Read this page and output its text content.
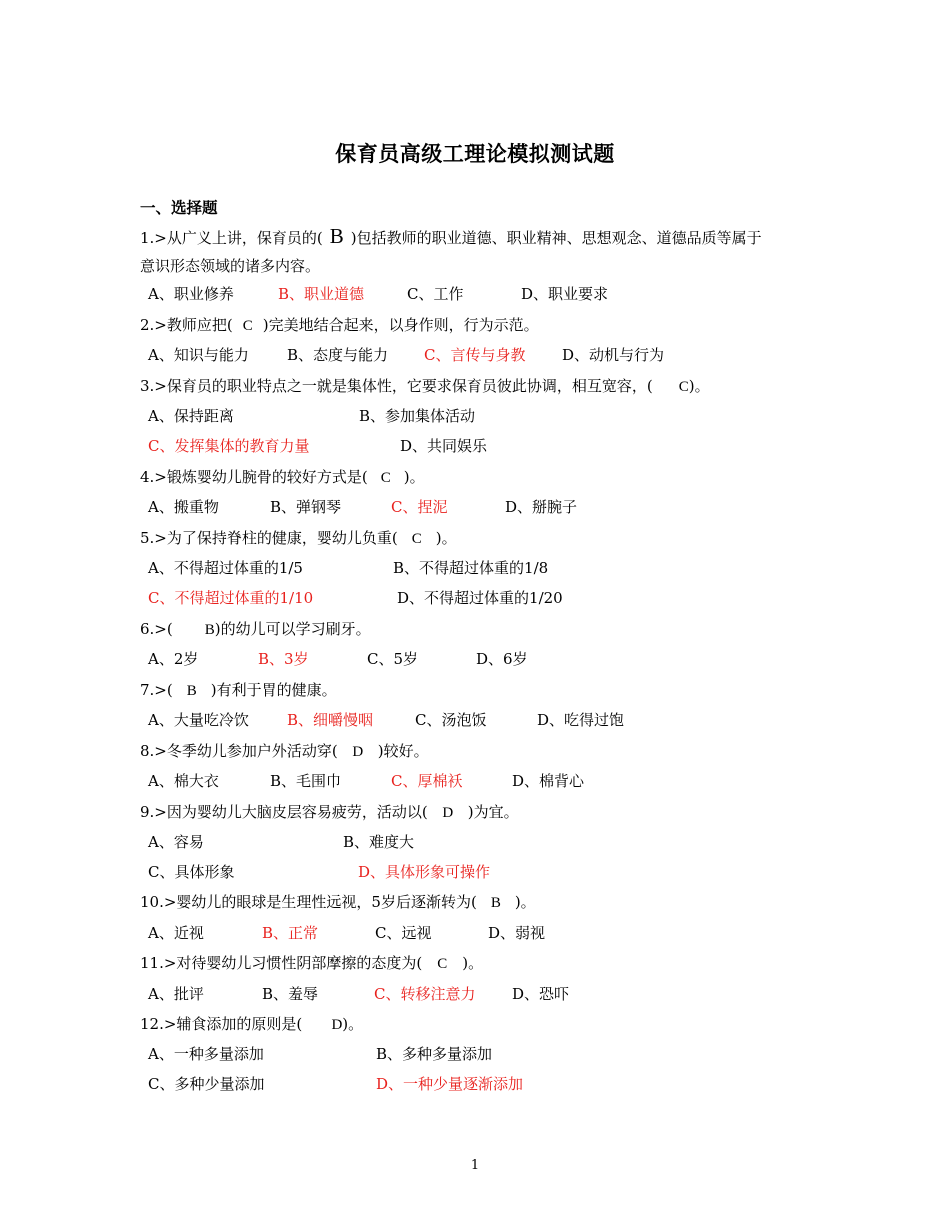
保育员高级工理论模拟测试题
一、选择题
1.>从广义上讲，保育员的( B )包括教师的职业道德、职业精神、思想观念、道德品质等属于
意识形态领域的诸多内容。
A、职业修养	B、职业道德	C、工作	D、职业要求
2.>教师应把( C )完美地结合起来，以身作则，行为示范。
A、知识与能力	B、态度与能力 C、言传与身教 D、动机与行为
3.>保育员的职业特点之一就是集体性，它要求保育员彼此协调，相互宽容，( C)。
A、保持距离	B、参加集体活动
C、发挥集体的教育力量	D、共同娱乐
4.>锻炼婴幼儿腕骨的较好方式是( C )。
A、搬重物	B、弹钢琴	C、捏泥	D、掰腕子
5.>为了保持脊柱的健康，婴幼儿负重( C )。
A、不得超过体重的1/5	B、不得超过体重的1/8
C、不得超过体重的1/10	D、不得超过体重的1/20
6.>( B)的幼儿可以学习刷牙。
A、2岁	B、3岁	C、5岁	D、6岁
7.>( B )有利于胃的健康。
A、大量吃冷饮	B、细嚼慢咽	C、汤泡饭	D、吃得过饱
8.>冬季幼儿参加户外活动穿( D )较好。
A、棉大衣	B、毛围巾	C、厚棉袄	D、棉背心
9.>因为婴幼儿大脑皮层容易疲劳，活动以( D )为宜。
A、容易	B、难度大
C、具体形象	D、具体形象可操作
10.>婴幼儿的眼球是生理性远视，5岁后逐渐转为( B )。
A、近视	B、正常	C、远视	D、弱视
11.>对待婴幼儿习惯性阴部摩擦的态度为( C )。
A、批评	B、羞辱	C、转移注意力 D、恐吓
12.>辅食添加的原则是( D)。
A、一种多量添加	B、多种多量添加
C、多种少量添加	D、一种少量逐渐添加
1
